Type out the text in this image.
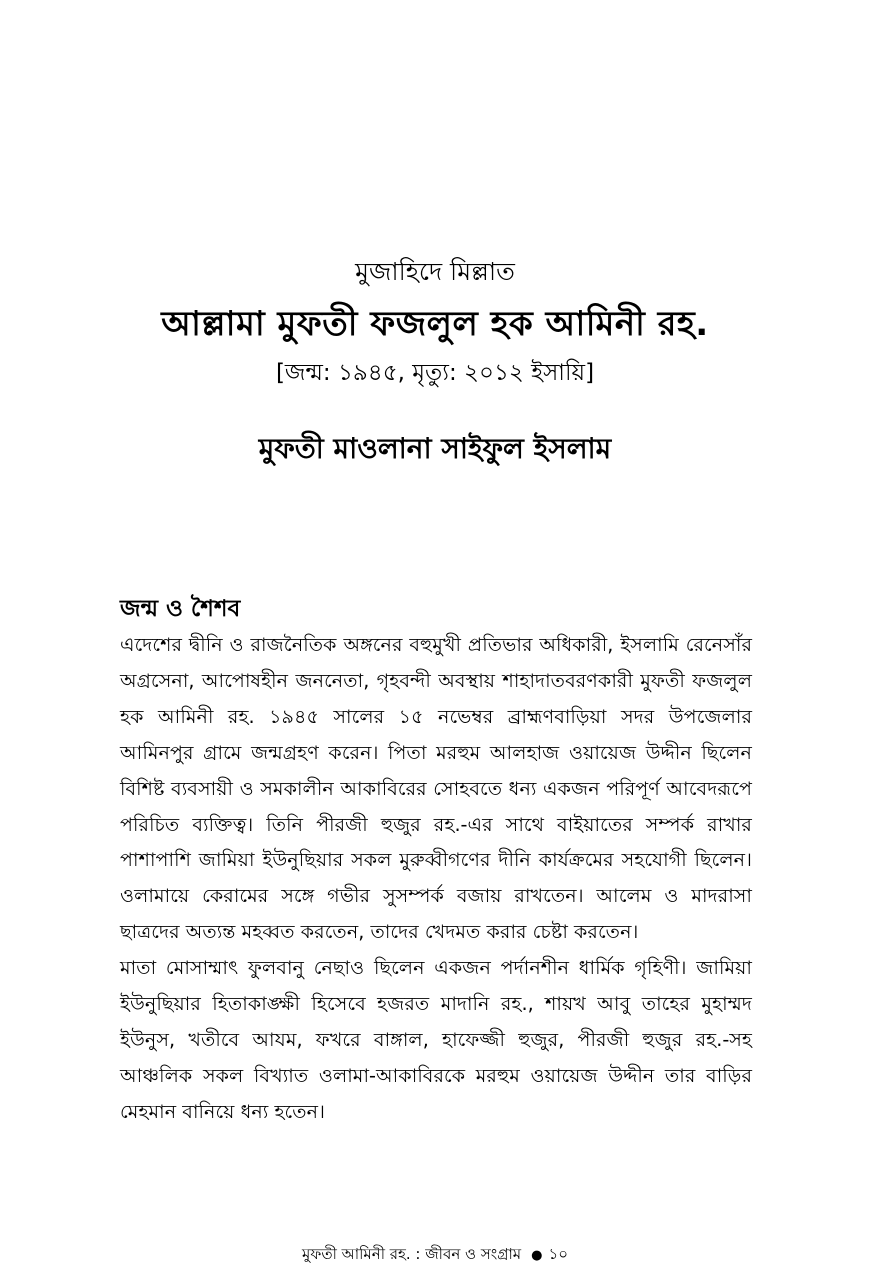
মুজাহিদে মিল্লাত
আল্লামা মুফতী ফজলুল হক আমিনী রহ.
[জন্ম: ১৯৪৫, মৃত্যু: ২০১২ ইসায়ি]
মুফতী মাওলানা সাইফুল ইসলাম
জন্ম ও শৈশব

এদেশের দ্বীনি ও রাজনৈতিক অঙ্গনের বহুমুখী প্রতিভার অধিকারী, ইসলামি রেনেসাঁর অগ্রসেনা, আপোষহীন জননেতা, গৃহবন্দী অবস্থায় শাহাদাতবরণকারী মুফতী ফজলুল হক আমিনী রহ. ১৯৪৫ সালের ১৫ নভেম্বর ব্রাহ্মণবাড়িয়া সদর উপজেলার আমিনপুর গ্রামে জন্মগ্রহণ করেন। পিতা মরহুম আলহাজ ওয়ায়েজ উদ্দীন ছিলেন বিশিষ্ট ব্যবসায়ী ও সমকালীন আকাবিরের সোহবতে ধন্য একজন পরিপূর্ণ আবেদরূপে পরিচিত ব্যক্তিত্ব। তিনি পীরজী হুজুর রহ.-এর সাথে বাইয়াতের সম্পর্ক রাখার পাশাপাশি জামিয়া ইউনুছিয়ার সকল মুরুব্বীগণের দীনি কার্যক্রমের সহযোগী ছিলেন। ওলামায়ে কেরামের সঙ্গে গভীর সুসম্পর্ক বজায় রাখতেন। আলেম ও মাদরাসা ছাত্রদের অত্যন্ত মহব্বত করতেন, তাদের খেদমত করার চেষ্টা করতেন।

মাতা মোসাম্মাৎ ফুলবানু নেছাও ছিলেন একজন পর্দানশীন ধার্মিক গৃহিণী। জামিয়া ইউনুছিয়ার হিতাকাঙ্ক্ষী হিসেবে হজরত মাদানি রহ., শায়খ আবু তাহের মুহাম্মদ ইউনুস, খতীবে আযম, ফখরে বাঙ্গাল, হাফেজ্জী হুজুর, পীরজী হুজুর রহ.-সহ আঞ্চলিক সকল বিখ্যাত ওলামা-আকাবিরকে মরহুম ওয়ায়েজ উদ্দীন তার বাড়ির মেহমান বানিয়ে ধন্য হতেন।

মুফতী আমিনী রহ. : জীবন ও সংগ্রাম ● ১০
